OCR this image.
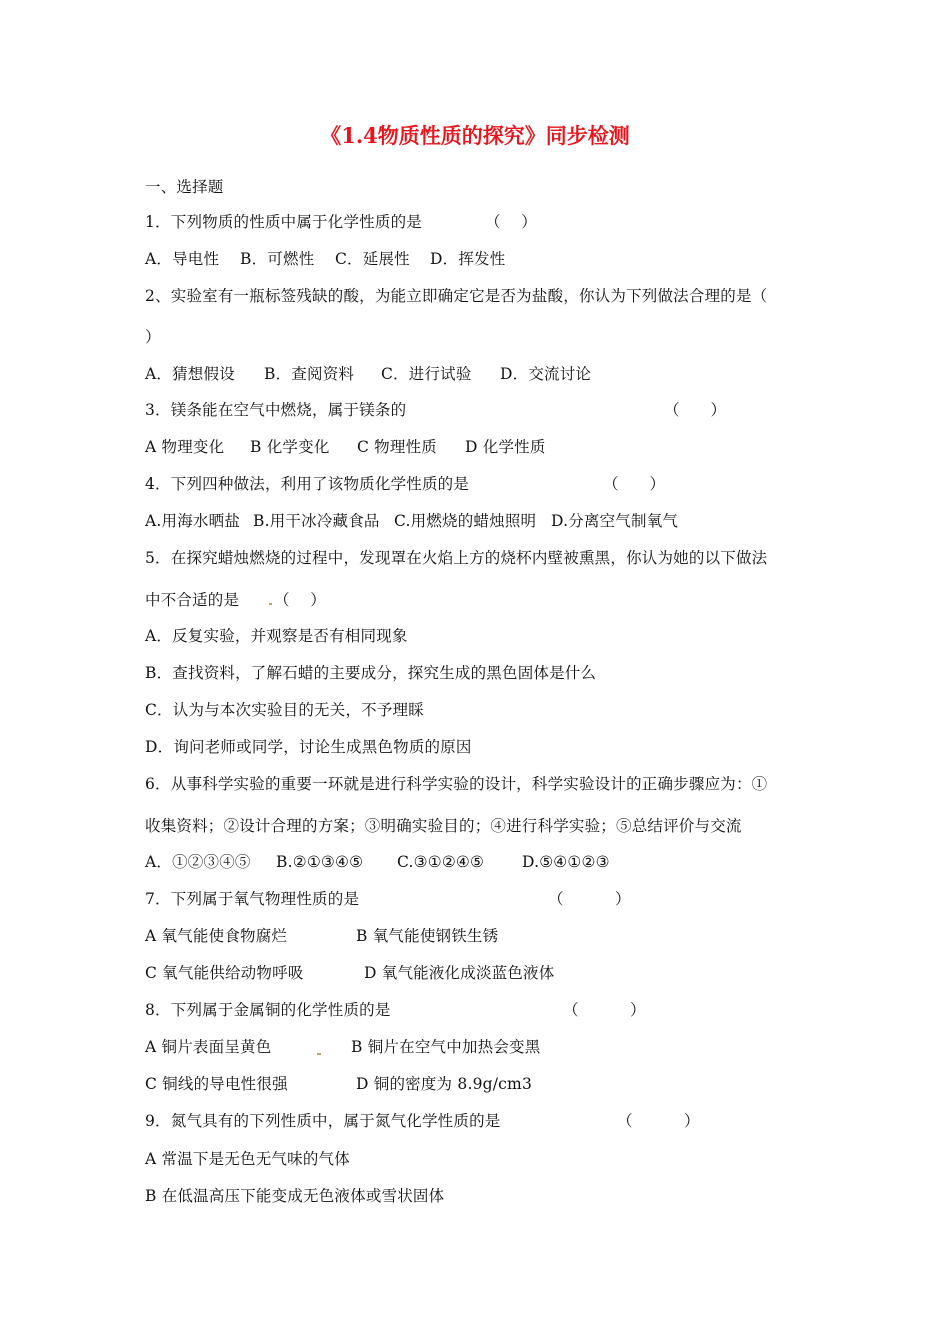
《1.4物质性质的探究》同步检测
一、选择题

1．下列物质的性质中属于化学性质的是

	（    ）

A．导电性

B．可燃性

C．延展性

D．挥发性

2、实验室有一瓶标签残缺的酸，为能立即确定它是否为盐酸，你认为下列做法合理的是（
）

A．猜想假设

B．查阅资料

C．进行试验

D．交流讨论

3．镁条能在空气中燃烧，属于镁条的

	（      ）

A 物理变化

B 化学变化

C 物理性质

D 化学性质

4．下列四种做法，利用了该物质化学性质的是

	（      ）

A.用海水晒盐

B.用干冰冷藏食品

C.用燃烧的蜡烛照明

D.分离空气制氧气

5．在探究蜡烛燃烧的过程中，发现罩在火焰上方的烧杯内壁被熏黑，你认为她的以下做法

中不合适的是

（    ）

A．反复实验，并观察是否有相同现象
B．查找资料，了解石蜡的主要成分，探究生成的黑色固体是什么
C．认为与本次实验目的无关，不予理睬
D．询问老师或同学，讨论生成黑色物质的原因
6．从事科学实验的重要一环就是进行科学实验的设计，科学实验设计的正确步骤应为：①
收集资料；②设计合理的方案；③明确实验目的；④进行科学实验；⑤总结评价与交流

A．①②③④⑤

B.②①③④⑤

C.③①②④⑤

D.⑤④①②③

7．下列属于氧气物理性质的是

	（          ）

A 氧气能使食物腐烂

	B 氧气能使钢铁生锈

C 氧气能供给动物呼吸

	D 氧气能液化成淡蓝色液体

8．下列属于金属铜的化学性质的是

	（          ）

A 铜片表面呈黄色

	B 铜片在空气中加热会变黑

C 铜线的导电性很强

	D 铜的密度为 8.9g/cm3

9．氮气具有的下列性质中，属于氮气化学性质的是

	（          ）

A 常温下是无色无气味的气体
B 在低温高压下能变成无色液体或雪状固体
